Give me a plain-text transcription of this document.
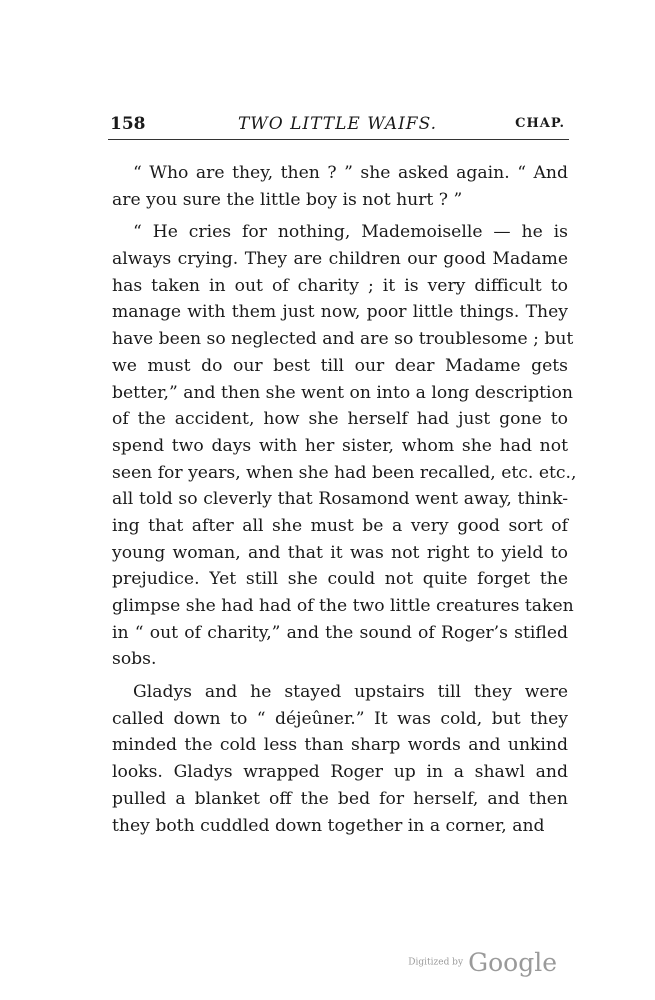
158	TWO LITTLE WAIFS.	CHAP.
“ Who are they, then ? ” she asked again. “ And
are you sure the little boy is not hurt ? ”
“ He cries for nothing, Mademoiselle — he is
always crying. They are children our good Madame
has taken in out of charity ; it is very difficult to
manage with them just now, poor little things. They
have been so neglected and are so troublesome ; but
we must do our best till our dear Madame gets
better,” and then she went on into a long description
of the accident, how she herself had just gone to
spend two days with her sister, whom she had not
seen for years, when she had been recalled, etc. etc.,
all told so cleverly that Rosamond went away, think-
ing that after all she must be a very good sort of
young woman, and that it was not right to yield to
prejudice. Yet still she could not quite forget the
glimpse she had had of the two little creatures taken
in “ out of charity,” and the sound of Roger’s stifled
sobs.
Gladys and he stayed upstairs till they were
called down to “ déjeûner.” It was cold, but they
minded the cold less than sharp words and unkind
looks. Gladys wrapped Roger up in a shawl and
pulled a blanket off the bed for herself, and then
they both cuddled down together in a corner, and
Digitized by Google
